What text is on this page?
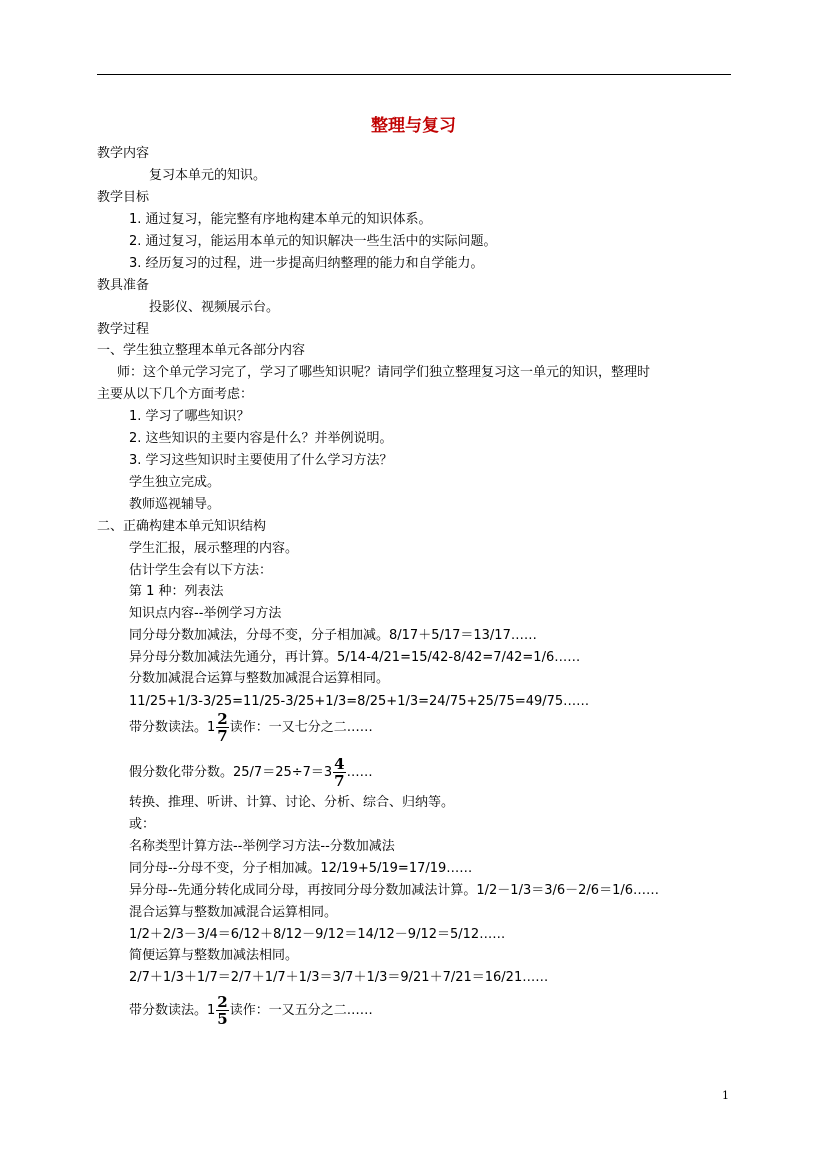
整理与复习
教学内容
复习本单元的知识。
教学目标
1. 通过复习，能完整有序地构建本单元的知识体系。
2. 通过复习，能运用本单元的知识解决一些生活中的实际问题。
3. 经历复习的过程，进一步提高归纳整理的能力和自学能力。
教具准备
投影仪、视频展示台。
教学过程
一、学生独立整理本单元各部分内容
师：这个单元学习完了，学习了哪些知识呢？请同学们独立整理复习这一单元的知识，整理时
主要从以下几个方面考虑：
1. 学习了哪些知识？
2. 这些知识的主要内容是什么？并举例说明。
3. 学习这些知识时主要使用了什么学习方法？
学生独立完成。
教师巡视辅导。
二、正确构建本单元知识结构
学生汇报，展示整理的内容。
估计学生会有以下方法：
第 1 种：列表法
知识点内容--举例学习方法
同分母分数加减法，分母不变，分子相加减。8/17＋5/17＝13/17……
异分母分数加减法先通分，再计算。5/14-4/21=15/42-8/42=7/42=1/6……
分数加减混合运算与整数加减混合运算相同。
11/25+1/3-3/25=11/25-3/25+1/3=8/25+1/3=24/75+25/75=49/75……
带分数读法。$1 \frac{2}{7}$ 读作：一又七分之二……
假分数化带分数。$25/7=25\div 7=3 \frac{4}{7}$ ……
转换、推理、听讲、计算、讨论、分析、综合、归纳等。
或：
名称类型计算方法--举例学习方法--分数加减法
同分母--分母不变，分子相加减。12/19+5/19=17/19……
异分母--先通分转化成同分母，再按同分母分数加减法计算。1/2－1/3＝3/6－2/6＝1/6……
混合运算与整数加减混合运算相同。
1/2＋2/3－3/4＝6/12＋8/12－9/12＝14/12－9/12＝5/12……
简便运算与整数加减法相同。
2/7＋1/3＋1/7＝2/7＋1/7＋1/3＝3/7＋1/3＝9/21＋7/21＝16/21……
带分数读法。$1 \frac{2}{5}$ 读作：一又五分之二……
1
